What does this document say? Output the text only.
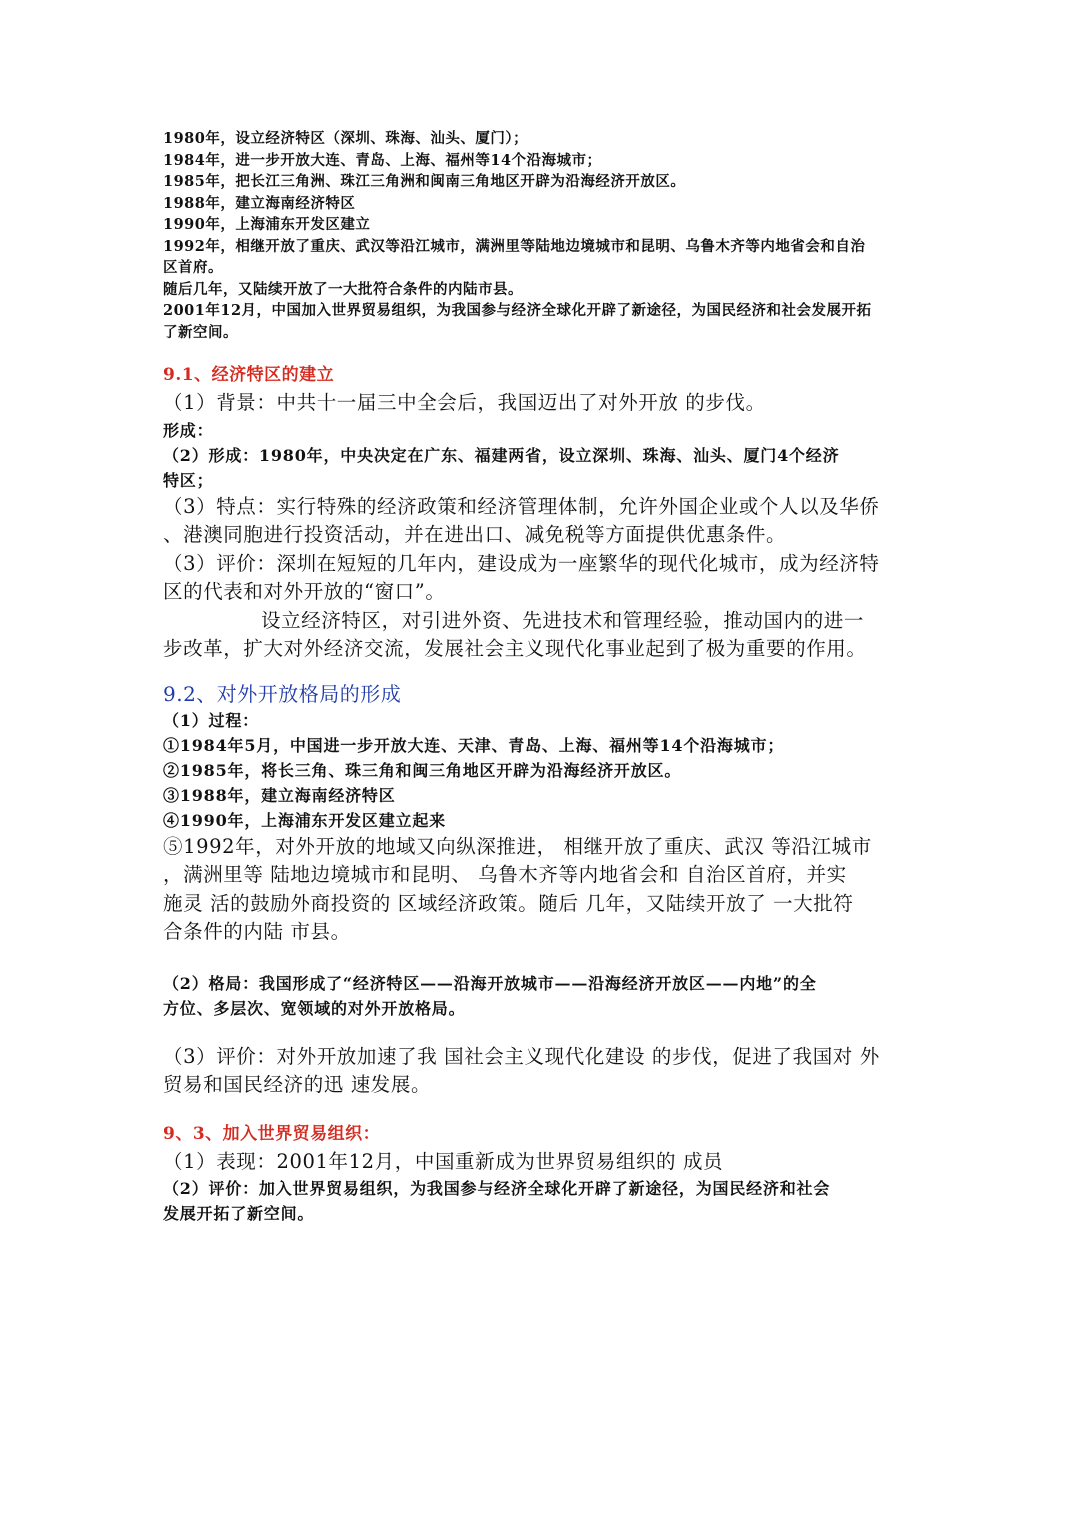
1980年，设立经济特区（深圳、珠海、汕头、厦门）；
1984年，进一步开放大连、青岛、上海、福州等14个沿海城市；
1985年，把长江三角洲、珠江三角洲和闽南三角地区开辟为沿海经济开放区。
1988年，建立海南经济特区
1990年，上海浦东开发区建立
1992年，相继开放了重庆、武汉等沿江城市，满洲里等陆地边境城市和昆明、乌鲁木齐等内地省会和自治
区首府。
随后几年，又陆续开放了一大批符合条件的内陆市县。
2001年12月，中国加入世界贸易组织，为我国参与经济全球化开辟了新途径，为国民经济和社会发展开拓
了新空间。
9.1、经济特区的建立
（1）背景：中共十一届三中全会后，我国迈出了对外开放 的步伐。
形成：
（2）形成：1980年，中央决定在广东、福建两省，设立深圳、珠海、汕头、厦门4个经济
特区；
（3）特点：实行特殊的经济政策和经济管理体制，允许外国企业或个人以及华侨
、港澳同胞进行投资活动，并在进出口、减免税等方面提供优惠条件。
（3）评价：深圳在短短的几年内，建设成为一座繁华的现代化城市，成为经济特
区的代表和对外开放的“窗口”。
设立经济特区，对引进外资、先进技术和管理经验，推动国内的进一
步改革，扩大对外经济交流，发展社会主义现代化事业起到了极为重要的作用。
9.2、对外开放格局的形成
（1）过程：
①1984年5月，中国进一步开放大连、天津、青岛、上海、福州等14个沿海城市；
②1985年，将长三角、珠三角和闽三角地区开辟为沿海经济开放区。
③1988年，建立海南经济特区
④1990年，上海浦东开发区建立起来
⑤1992年，对外开放的地域又向纵深推进， 相继开放了重庆、武汉 等沿江城市
，满洲里等 陆地边境城市和昆明、 乌鲁木齐等内地省会和 自治区首府，并实
施灵 活的鼓励外商投资的 区域经济政策。随后 几年，又陆续开放了 一大批符
合条件的内陆 市县。
（2）格局：我国形成了“经济特区——沿海开放城市——沿海经济开放区——内地”的全
方位、多层次、宽领域的对外开放格局。
（3）评价：对外开放加速了我 国社会主义现代化建设 的步伐，促进了我国对 外
贸易和国民经济的迅 速发展。
9、3、加入世界贸易组织：
（1）表现：2001年12月，中国重新成为世界贸易组织的 成员
（2）评价：加入世界贸易组织，为我国参与经济全球化开辟了新途径，为国民经济和社会
发展开拓了新空间。
